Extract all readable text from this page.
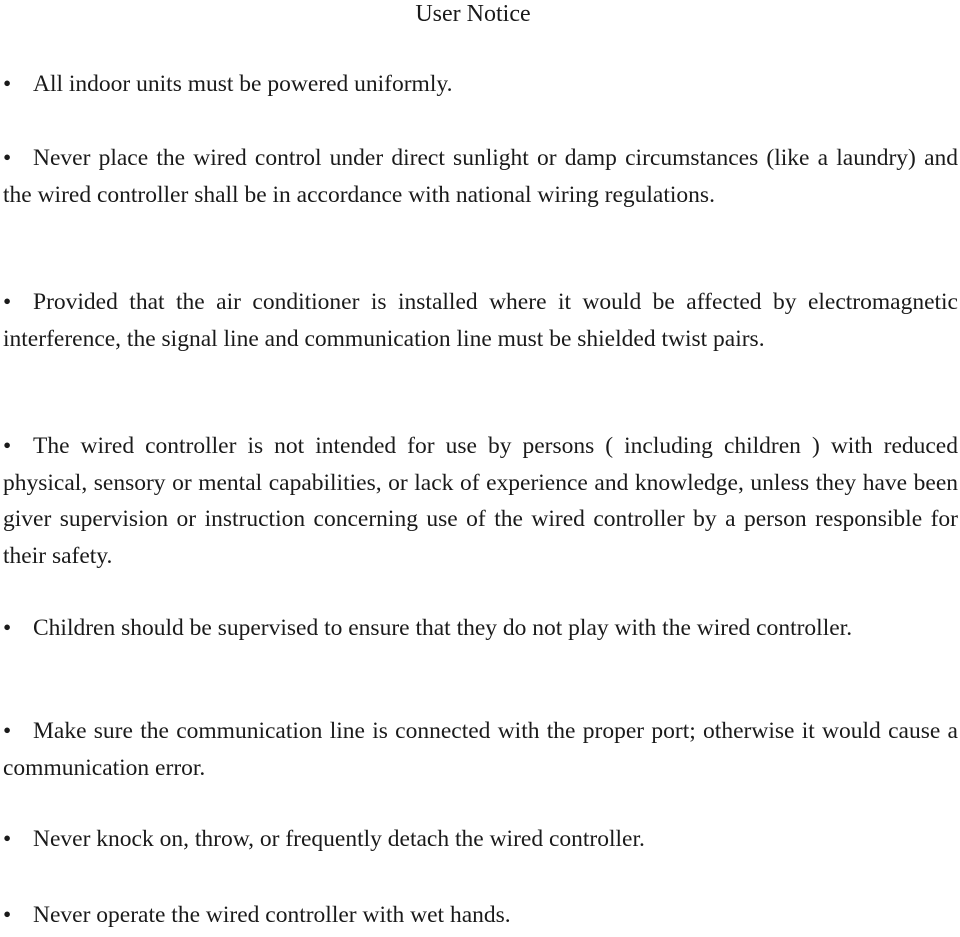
User Notice
• All indoor units must be powered uniformly.
• Never place the wired control under direct sunlight or damp circumstances (like a laundry) and the wired controller shall be in accordance with national wiring regulations.
• Provided that the air conditioner is installed where it would be affected by electromagnetic interference, the signal line and communication line must be shielded twist pairs.
• The wired controller is not intended for use by persons ( including children ) with reduced physical, sensory or mental capabilities, or lack of experience and knowledge, unless they have been giver supervision or instruction concerning use of the wired controller by a person responsible for their safety.
• Children should be supervised to ensure that they do not play with the wired controller.
• Make sure the communication line is connected with the proper port; otherwise it would cause a communication error.
• Never knock on, throw, or frequently detach the wired controller.
• Never operate the wired controller with wet hands.
